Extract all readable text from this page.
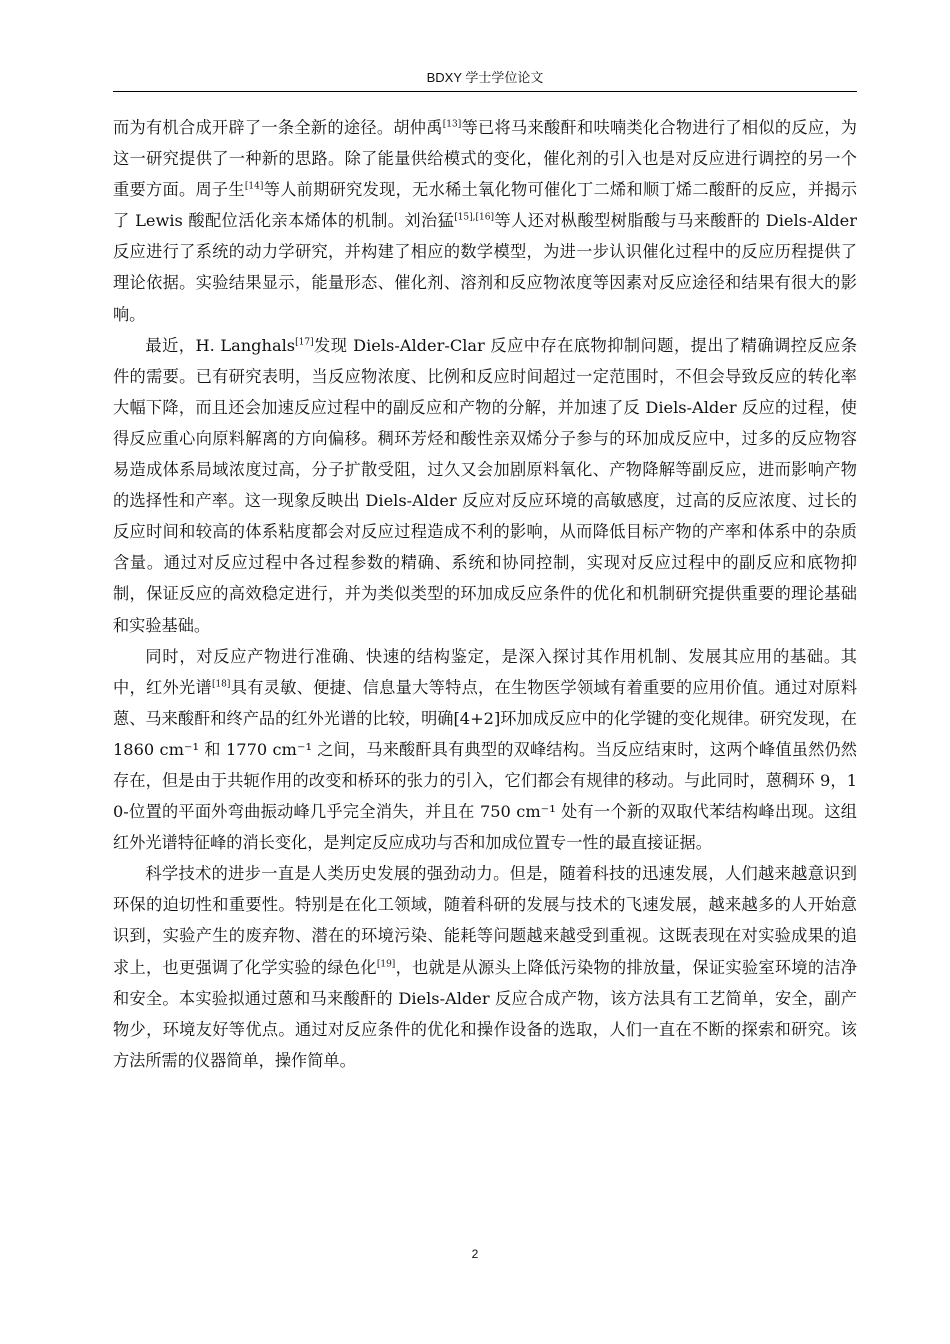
BDXY 学士学位论文

而为有机合成开辟了一条全新的途径。胡仲禹[13]等已将马来酸酐和呋喃类化合物进行了相似的反应，为这一研究提供了一种新的思路。除了能量供给模式的变化，催化剂的引入也是对反应进行调控的另一个重要方面。周子生[14]等人前期研究发现，无水稀土氧化物可催化丁二烯和顺丁烯二酸酐的反应，并揭示了 Lewis 酸配位活化亲本烯体的机制。刘治猛[15],[16]等人还对枞酸型树脂酸与马来酸酐的 Diels-Alder 反应进行了系统的动力学研究，并构建了相应的数学模型，为进一步认识催化过程中的反应历程提供了理论依据。实验结果显示，能量形态、催化剂、溶剂和反应物浓度等因素对反应途径和结果有很大的影响。

最近，H. Langhals[17]发现 Diels-Alder-Clar 反应中存在底物抑制问题，提出了精确调控反应条件的需要。已有研究表明，当反应物浓度、比例和反应时间超过一定范围时，不但会导致反应的转化率大幅下降，而且还会加速反应过程中的副反应和产物的分解，并加速了反 Diels-Alder 反应的过程，使得反应重心向原料解离的方向偏移。稠环芳烃和酸性亲双烯分子参与的环加成反应中，过多的反应物容易造成体系局域浓度过高，分子扩散受阻，过久又会加剧原料氧化、产物降解等副反应，进而影响产物的选择性和产率。这一现象反映出 Diels-Alder 反应对反应环境的高敏感度，过高的反应浓度、过长的反应时间和较高的体系粘度都会对反应过程造成不利的影响，从而降低目标产物的产率和体系中的杂质含量。通过对反应过程中各过程参数的精确、系统和协同控制，实现对反应过程中的副反应和底物抑制，保证反应的高效稳定进行，并为类似类型的环加成反应条件的优化和机制研究提供重要的理论基础和实验基础。

同时，对反应产物进行准确、快速的结构鉴定，是深入探讨其作用机制、发展其应用的基础。其中，红外光谱[18]具有灵敏、便捷、信息量大等特点，在生物医学领域有着重要的应用价值。通过对原料蒽、马来酸酐和终产品的红外光谱的比较，明确[4+2]环加成反应中的化学键的变化规律。研究发现，在 1860 cm⁻¹ 和 1770 cm⁻¹ 之间，马来酸酐具有典型的双峰结构。当反应结束时，这两个峰值虽然仍然存在，但是由于共轭作用的改变和桥环的张力的引入，它们都会有规律的移动。与此同时，蒽稠环 9，10-位置的平面外弯曲振动峰几乎完全消失，并且在 750 cm⁻¹ 处有一个新的双取代苯结构峰出现。这组红外光谱特征峰的消长变化，是判定反应成功与否和加成位置专一性的最直接证据。

科学技术的进步一直是人类历史发展的强劲动力。但是，随着科技的迅速发展，人们越来越意识到环保的迫切性和重要性。特别是在化工领域，随着科研的发展与技术的飞速发展，越来越多的人开始意识到，实验产生的废弃物、潜在的环境污染、能耗等问题越来越受到重视。这既表现在对实验成果的追求上，也更强调了化学实验的绿色化[19]，也就是从源头上降低污染物的排放量，保证实验室环境的洁净和安全。本实验拟通过蒽和马来酸酐的 Diels-Alder 反应合成产物，该方法具有工艺简单，安全，副产物少，环境友好等优点。通过对反应条件的优化和操作设备的选取，人们一直在不断的探索和研究。该方法所需的仪器简单，操作简单。

2
